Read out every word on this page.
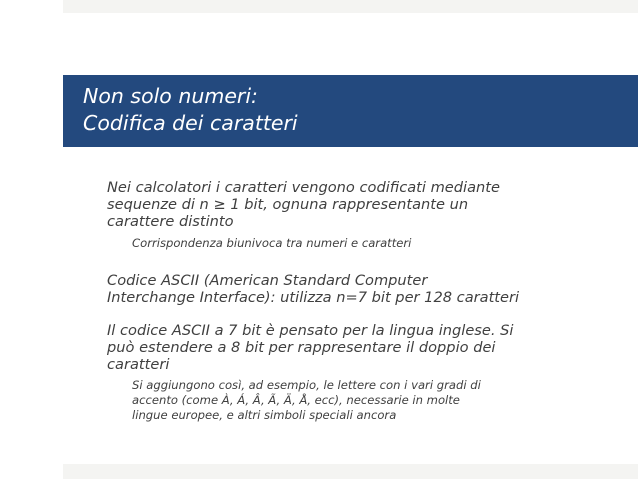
Non solo numeri:
Codifica dei caratteri
Nei calcolatori i caratteri vengono codificati mediante
sequenze di n ≥ 1 bit, ognuna rappresentante un
carattere distinto
Corrispondenza biunivoca tra numeri e caratteri
Codice ASCII (American Standard Computer
Interchange Interface): utilizza n=7 bit per 128 caratteri
Il codice ASCII a 7 bit è pensato per la lingua inglese. Si
può estendere a 8 bit per rappresentare il doppio dei
caratteri
Si aggiungono così, ad esempio, le lettere con i vari gradi di
accento (come À, Á, Â, Ã, Ä, Å, ecc), necessarie in molte
lingue europee, e altri simboli speciali ancora
